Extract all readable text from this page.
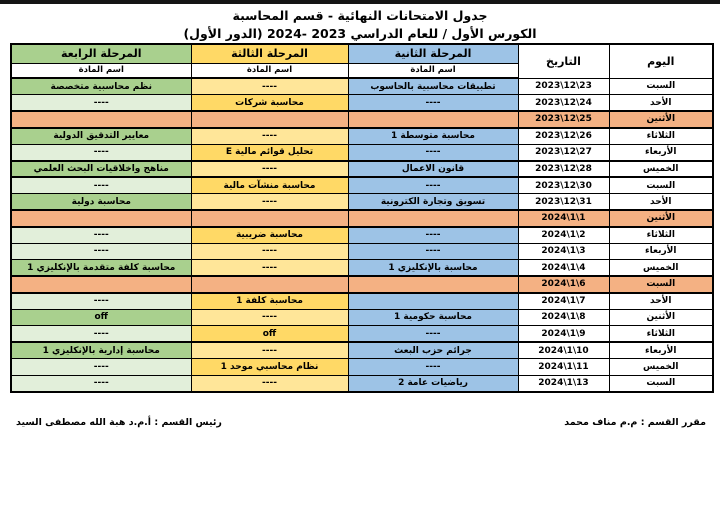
جدول الامتحانات النهائية - قسم المحاسبة
الكورس الأول / للعام الدراسي 2023 -2024 (الدور الأول)
اليوم	التاريخ	المرحلة الثانية	المرحلة الثالثة	المرحلة الرابعة
		اسم المادة	اسم المادة	اسم المادة
السبت	2023\12\23	تطبيقات محاسبية بالحاسوب	----	نظم محاسبية متخصصة
الأحد	2023\12\24	----	محاسبة شركات	----
الأثنين	2023\12\25			
الثلاثاء	2023\12\26	محاسبة متوسطة 1	----	معايير التدقيق الدولية
الأربعاء	2023\12\27	----	تحليل قوائم مالية E	----
الخميس	2023\12\28	قانون الاعمال	----	مناهج واخلاقيات البحث العلمي
السبت	2023\12\30	----	محاسبة منشآت مالية	----
الأحد	2023\12\31	تسويق وتجارة الكترونية	----	محاسبة دولية
الأثنين	2024\1\1			
الثلاثاء	2024\1\2	----	محاسبة ضريبية	----
الأربعاء	2024\1\3	----	----	----
الخميس	2024\1\4	محاسبة بالإنكليزي 1	----	محاسبة كلفة متقدمة بالإنكليزي 1
السبت	2024\1\6			
الأحد	2024\1\7		محاسبة كلفة 1	----
الأثنين	2024\1\8	محاسبة حكومية 1	----	off
الثلاثاء	2024\1\9	----	off	----
الأربعاء	2024\1\10	جرائم حزب البعث	----	محاسبة إدارية بالإنكليزي 1
الخميس	2024\1\11	----	نظام محاسبي موحد 1	----
السبت	2024\1\13	رياضيات عامة 2	----	----
مقرر القسم : م.م مناف محمد
رئيس القسم : أ.م.د هبة الله مصطفى السيد
